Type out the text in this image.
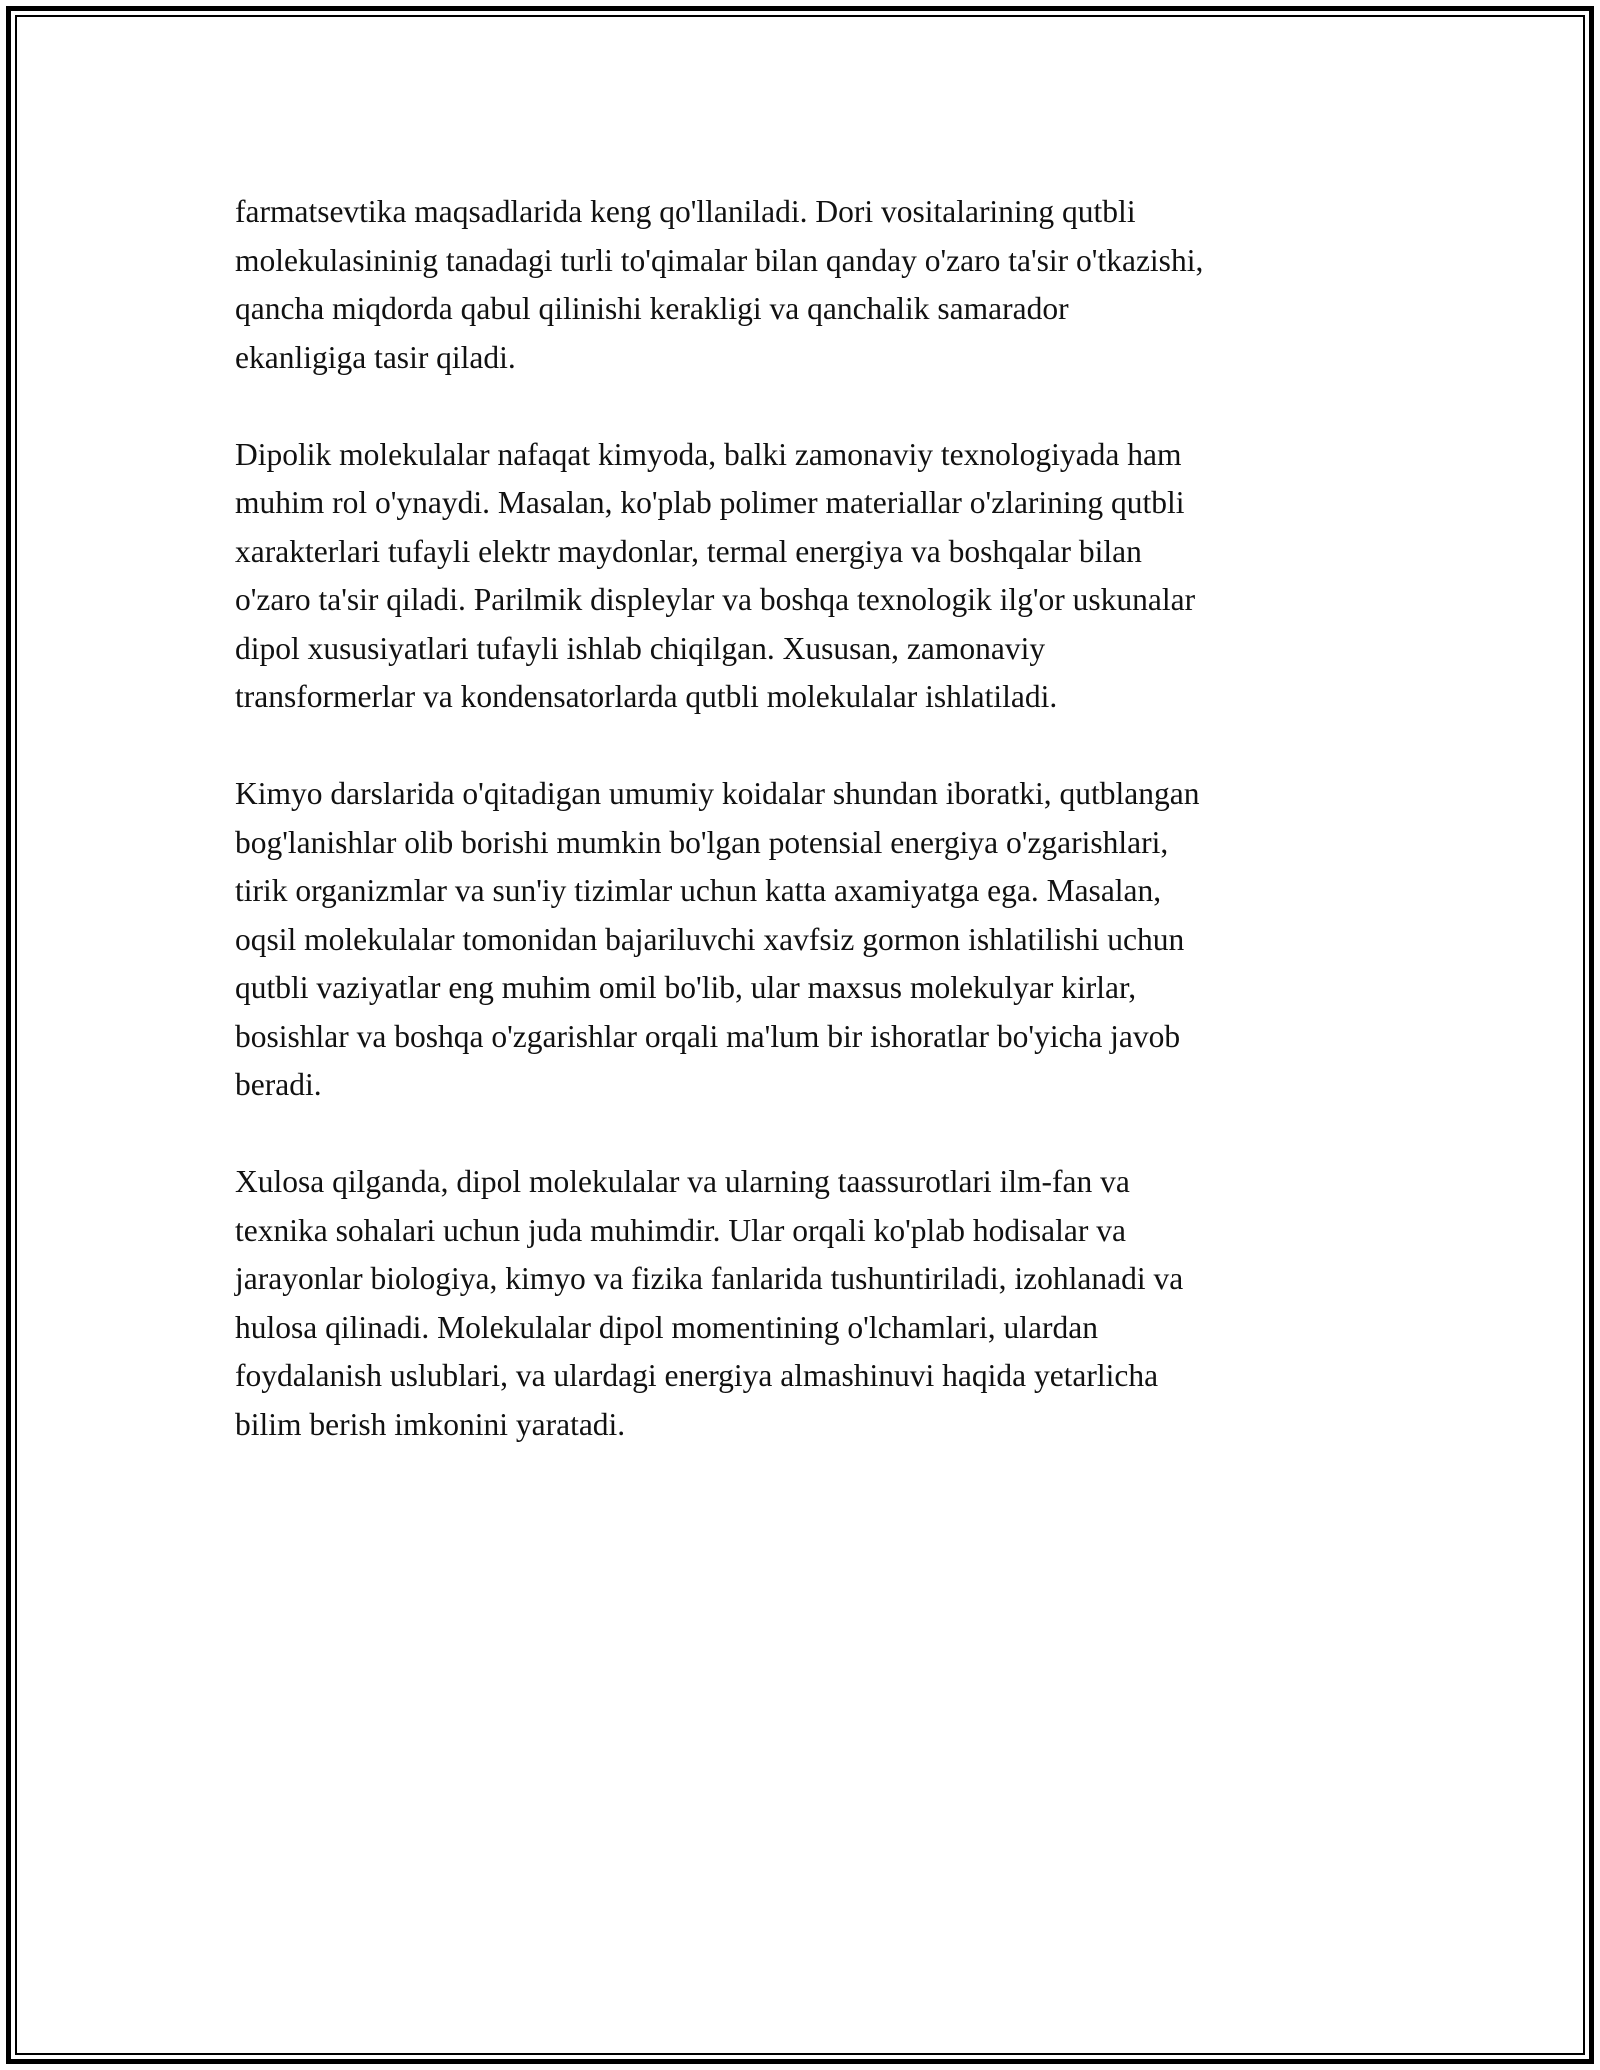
farmatsevtika maqsadlarida keng qo'llaniladi. Dori vositalarining qutbli
molekulasininig tanadagi turli to'qimalar bilan qanday o'zaro ta'sir o'tkazishi,
qancha miqdorda qabul qilinishi kerakligi va qanchalik samarador
ekanligiga tasir qiladi.
Dipolik molekulalar nafaqat kimyoda, balki zamonaviy texnologiyada ham
muhim rol o'ynaydi. Masalan, ko'plab polimer materiallar o'zlarining qutbli
xarakterlari tufayli elektr maydonlar, termal energiya va boshqalar bilan
o'zaro ta'sir qiladi. Parilmik displeylar va boshqa texnologik ilg'or uskunalar
dipol xususiyatlari tufayli ishlab chiqilgan. Xususan, zamonaviy
transformerlar va kondensatorlarda qutbli molekulalar ishlatiladi.
Kimyo darslarida o'qitadigan umumiy koidalar shundan iboratki, qutblangan
bog'lanishlar olib borishi mumkin bo'lgan potensial energiya o'zgarishlari,
tirik organizmlar va sun'iy tizimlar uchun katta axamiyatga ega. Masalan,
oqsil molekulalar tomonidan bajariluvchi xavfsiz gormon ishlatilishi uchun
qutbli vaziyatlar eng muhim omil bo'lib, ular maxsus molekulyar kirlar,
bosishlar va boshqa o'zgarishlar orqali ma'lum bir ishoratlar bo'yicha javob
beradi.
Xulosa qilganda, dipol molekulalar va ularning taassurotlari ilm-fan va
texnika sohalari uchun juda muhimdir. Ular orqali ko'plab hodisalar va
jarayonlar biologiya, kimyo va fizika fanlarida tushuntiriladi, izohlanadi va
hulosa qilinadi. Molekulalar dipol momentining o'lchamlari, ulardan
foydalanish uslublari, va ulardagi energiya almashinuvi haqida yetarlicha
bilim berish imkonini yaratadi.
